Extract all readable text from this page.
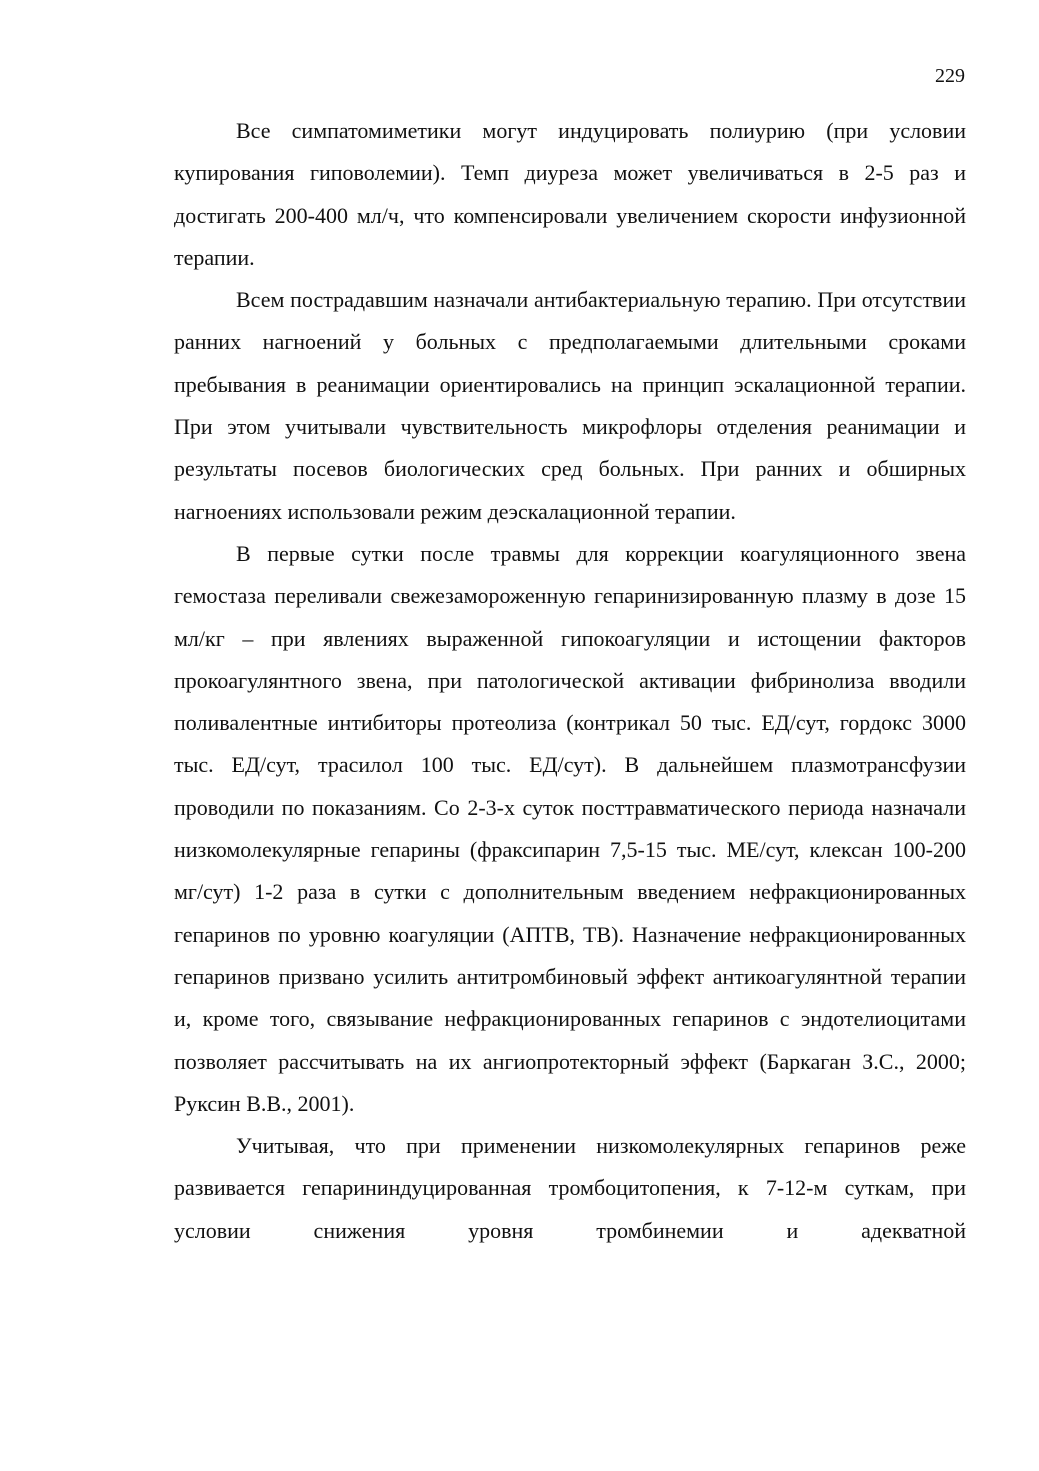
229

Все симпатомиметики могут индуцировать полиурию (при условии купирования гиповолемии). Темп диуреза может увеличиваться в 2-5 раз и достигать 200-400 мл/ч, что компенсировали увеличением скорости инфузионной терапии.

Всем пострадавшим назначали антибактериальную терапию. При отсутствии ранних нагноений у больных с предполагаемыми длительными сроками пребывания в реанимации ориентировались на принцип эскалационной терапии. При этом учитывали чувствительность микрофлоры отделения реанимации и результаты посевов биологических сред больных. При ранних и обширных нагноениях использовали режим деэскалационной терапии.

В первые сутки после травмы для коррекции коагуляционного звена гемостаза переливали свежезамороженную гепаринизированную плазму в дозе 15 мл/кг – при явлениях выраженной гипокоагуляции и истощении факторов прокоагулянтного звена, при патологической активации фибринолиза вводили поливалентные интибиторы протеолиза (контрикал 50 тыс. ЕД/сут, гордокс 3000 тыс. ЕД/сут, трасилол 100 тыс. ЕД/сут). В дальнейшем плазмотрансфузии проводили по показаниям. Со 2-3-х суток посттравматического периода назначали низкомолекулярные гепарины (фраксипарин 7,5-15 тыс. МЕ/сут, клексан 100-200 мг/сут) 1-2 раза в сутки с дополнительным введением нефракционированных гепаринов по уровню коагуляции (АПТВ, ТВ). Назначение нефракционированных гепаринов призвано усилить антитромбиновый эффект антикоагулянтной терапии и, кроме того, связывание нефракционированных гепаринов с эндотелиоцитами позволяет рассчитывать на их ангиопротекторный эффект (Баркаган З.С., 2000; Руксин В.В., 2001).

Учитывая, что при применении низкомолекулярных гепаринов реже развивается гепарининдуцированная тромбоцитопения, к 7-12-м суткам, при условии снижения уровня тромбинемии и адекватной
